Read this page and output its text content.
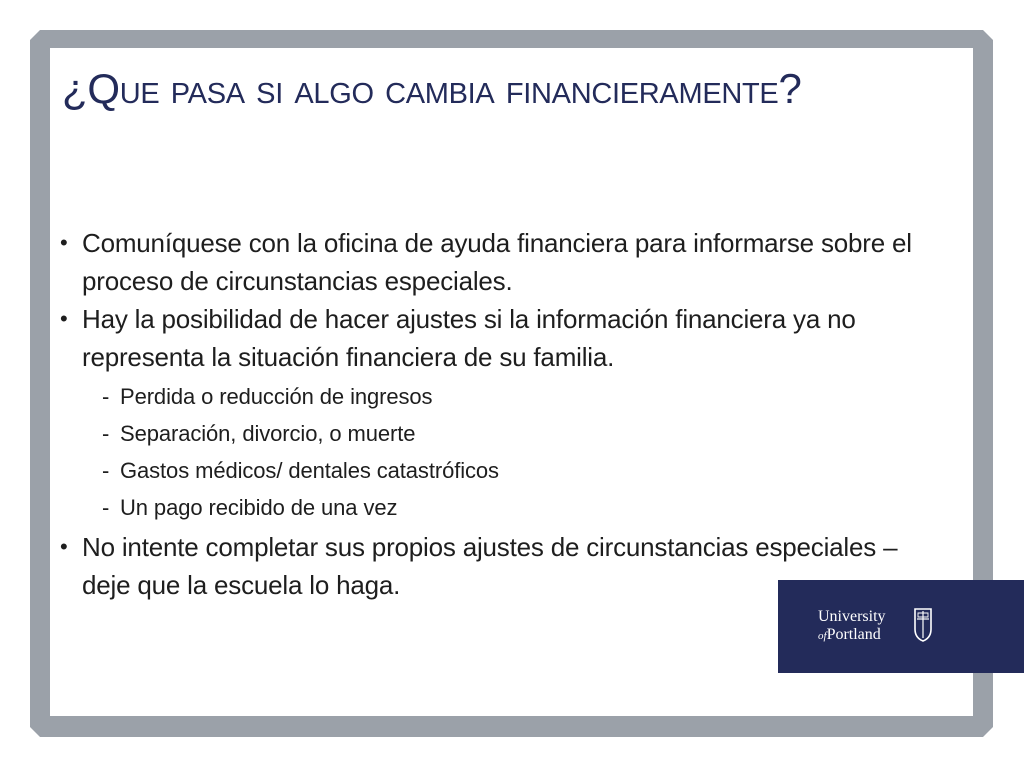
¿Que pasa si algo cambia financieramente?
• Comuníquese con la oficina de ayuda financiera para informarse sobre el proceso de circunstancias especiales.
• Hay la posibilidad de hacer ajustes si la información financiera ya no representa la situación financiera de su familia.
- Perdida o reducción de ingresos
- Separación, divorcio, o muerte
- Gastos médicos/ dentales catastróficos
- Un pago recibido de una vez
• No intente completar sus propios ajustes de circunstancias especiales – deje que la escuela lo haga.
University
ofPortland
